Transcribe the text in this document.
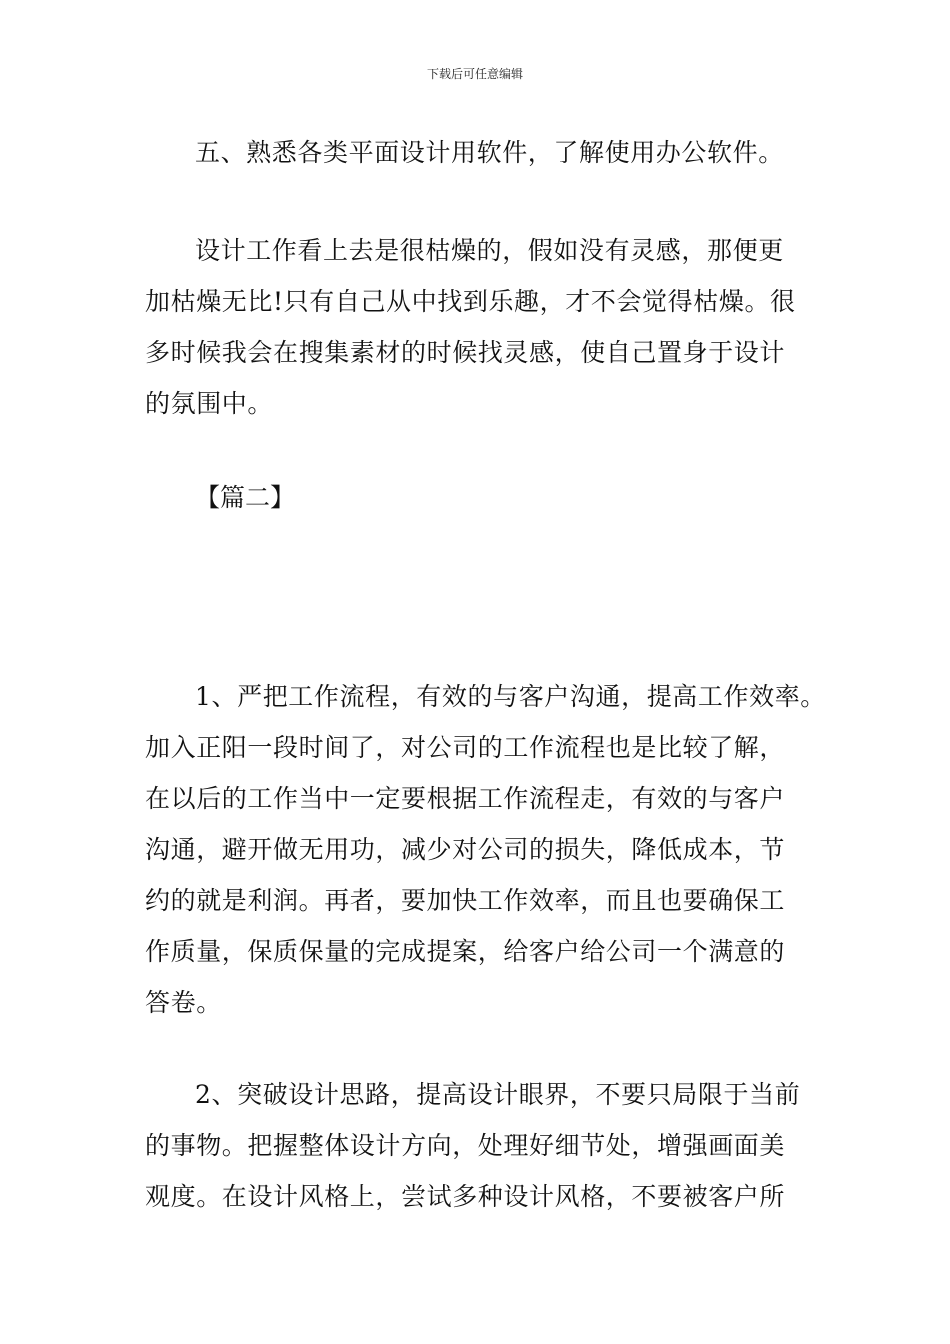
下载后可任意编辑

五、熟悉各类平面设计用软件，了解使用办公软件。

设计工作看上去是很枯燥的，假如没有灵感，那便更
加枯燥无比!只有自己从中找到乐趣，才不会觉得枯燥。很
多时候我会在搜集素材的时候找灵感，使自己置身于设计
的氛围中。

【篇二】

1、严把工作流程，有效的与客户沟通，提高工作效率。
加入正阳一段时间了，对公司的工作流程也是比较了解，
在以后的工作当中一定要根据工作流程走，有效的与客户
沟通，避开做无用功，减少对公司的损失，降低成本，节
约的就是利润。再者，要加快工作效率，而且也要确保工
作质量，保质保量的完成提案，给客户给公司一个满意的
答卷。

2、突破设计思路，提高设计眼界，不要只局限于当前
的事物。把握整体设计方向，处理好细节处，增强画面美
观度。在设计风格上，尝试多种设计风格，不要被客户所
